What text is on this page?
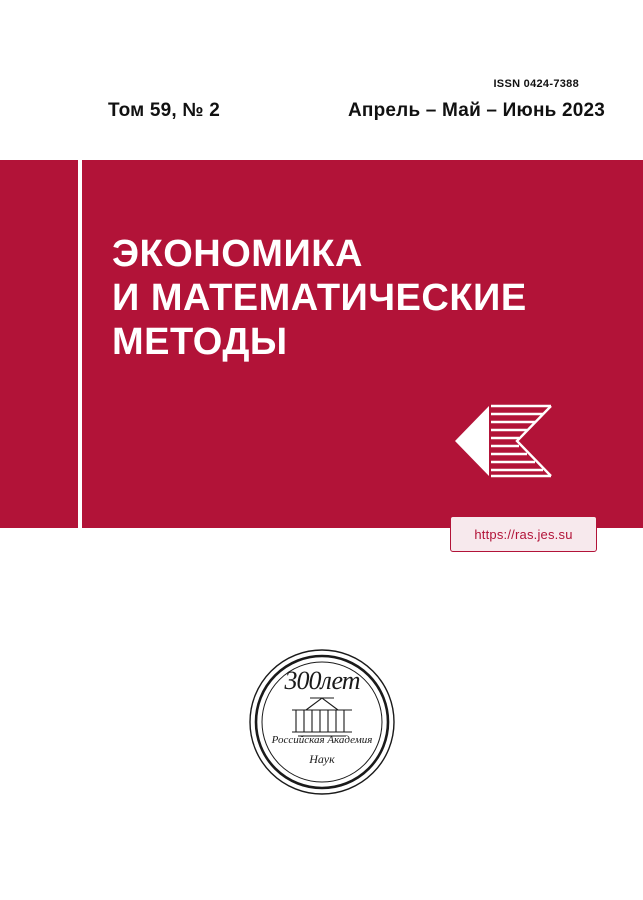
ISSN 0424-7388
Том 59, № 2	Апрель – Май – Июнь 2023
ЭКОНОМИКА
И МАТЕМАТИЧЕСКИЕ
МЕТОДЫ
https://ras.jes.su
300лет
Российская Академия
Наук
